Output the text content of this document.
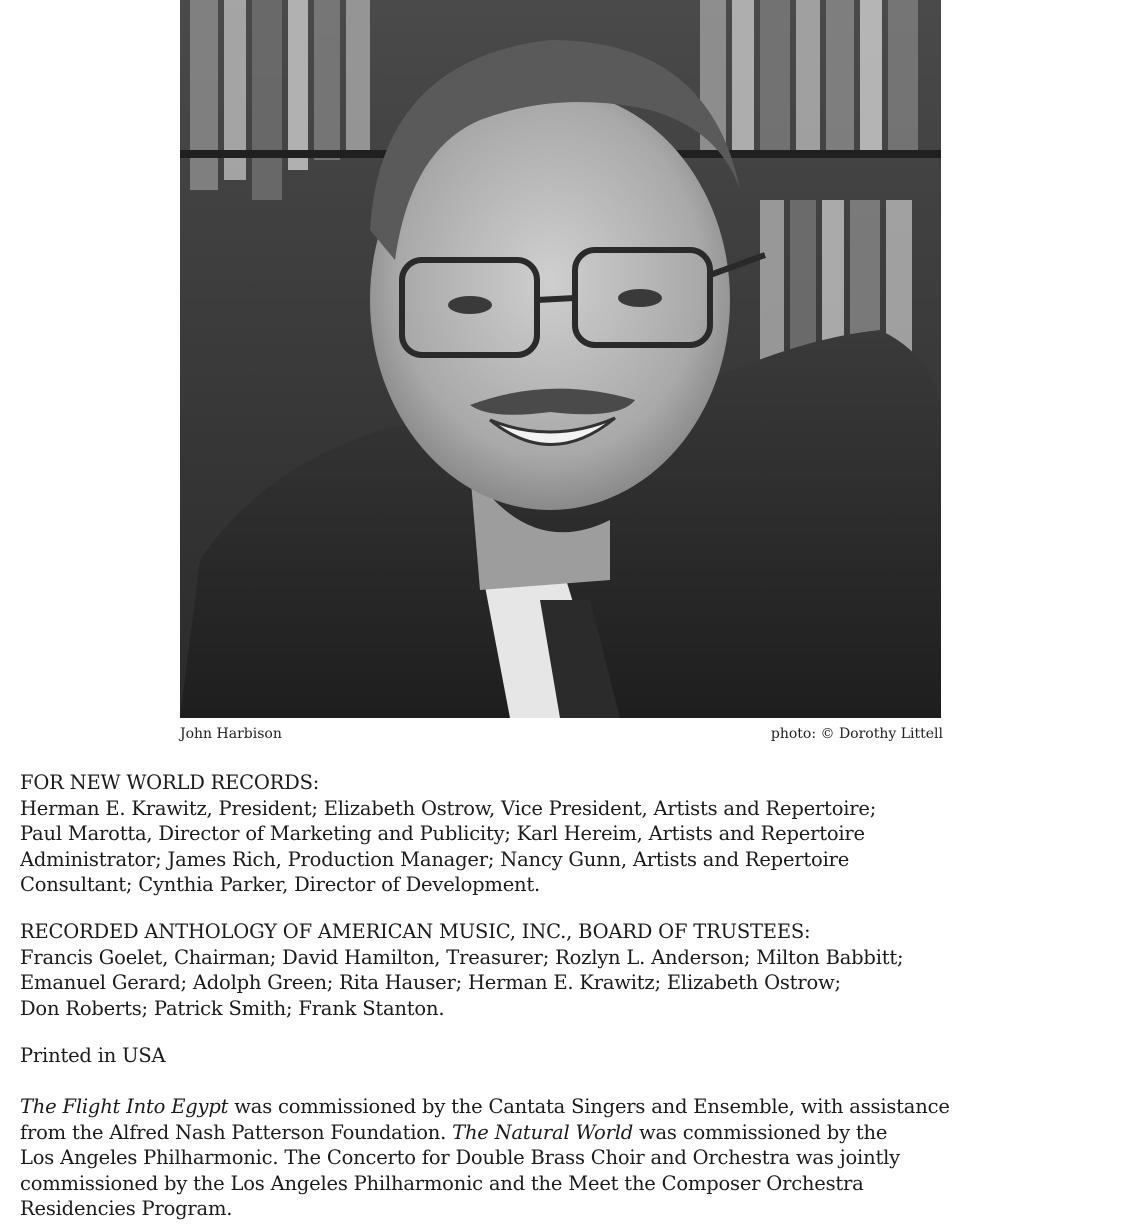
John Harbison	photo: © Dorothy Littell
FOR NEW WORLD RECORDS:
Herman E. Krawitz, President; Elizabeth Ostrow, Vice President, Artists and Repertoire;
Paul Marotta, Director of Marketing and Publicity; Karl Hereim, Artists and Repertoire
Administrator; James Rich, Production Manager; Nancy Gunn, Artists and Repertoire
Consultant; Cynthia Parker, Director of Development.
RECORDED ANTHOLOGY OF AMERICAN MUSIC, INC., BOARD OF TRUSTEES:
Francis Goelet, Chairman; David Hamilton, Treasurer; Rozlyn L. Anderson; Milton Babbitt;
Emanuel Gerard; Adolph Green; Rita Hauser; Herman E. Krawitz; Elizabeth Ostrow;
Don Roberts; Patrick Smith; Frank Stanton.
Printed in USA
The Flight Into Egypt was commissioned by the Cantata Singers and Ensemble, with assistance
from the Alfred Nash Patterson Foundation. The Natural World was commissioned by the
Los Angeles Philharmonic. The Concerto for Double Brass Choir and Orchestra was jointly
commissioned by the Los Angeles Philharmonic and the Meet the Composer Orchestra
Residencies Program.
